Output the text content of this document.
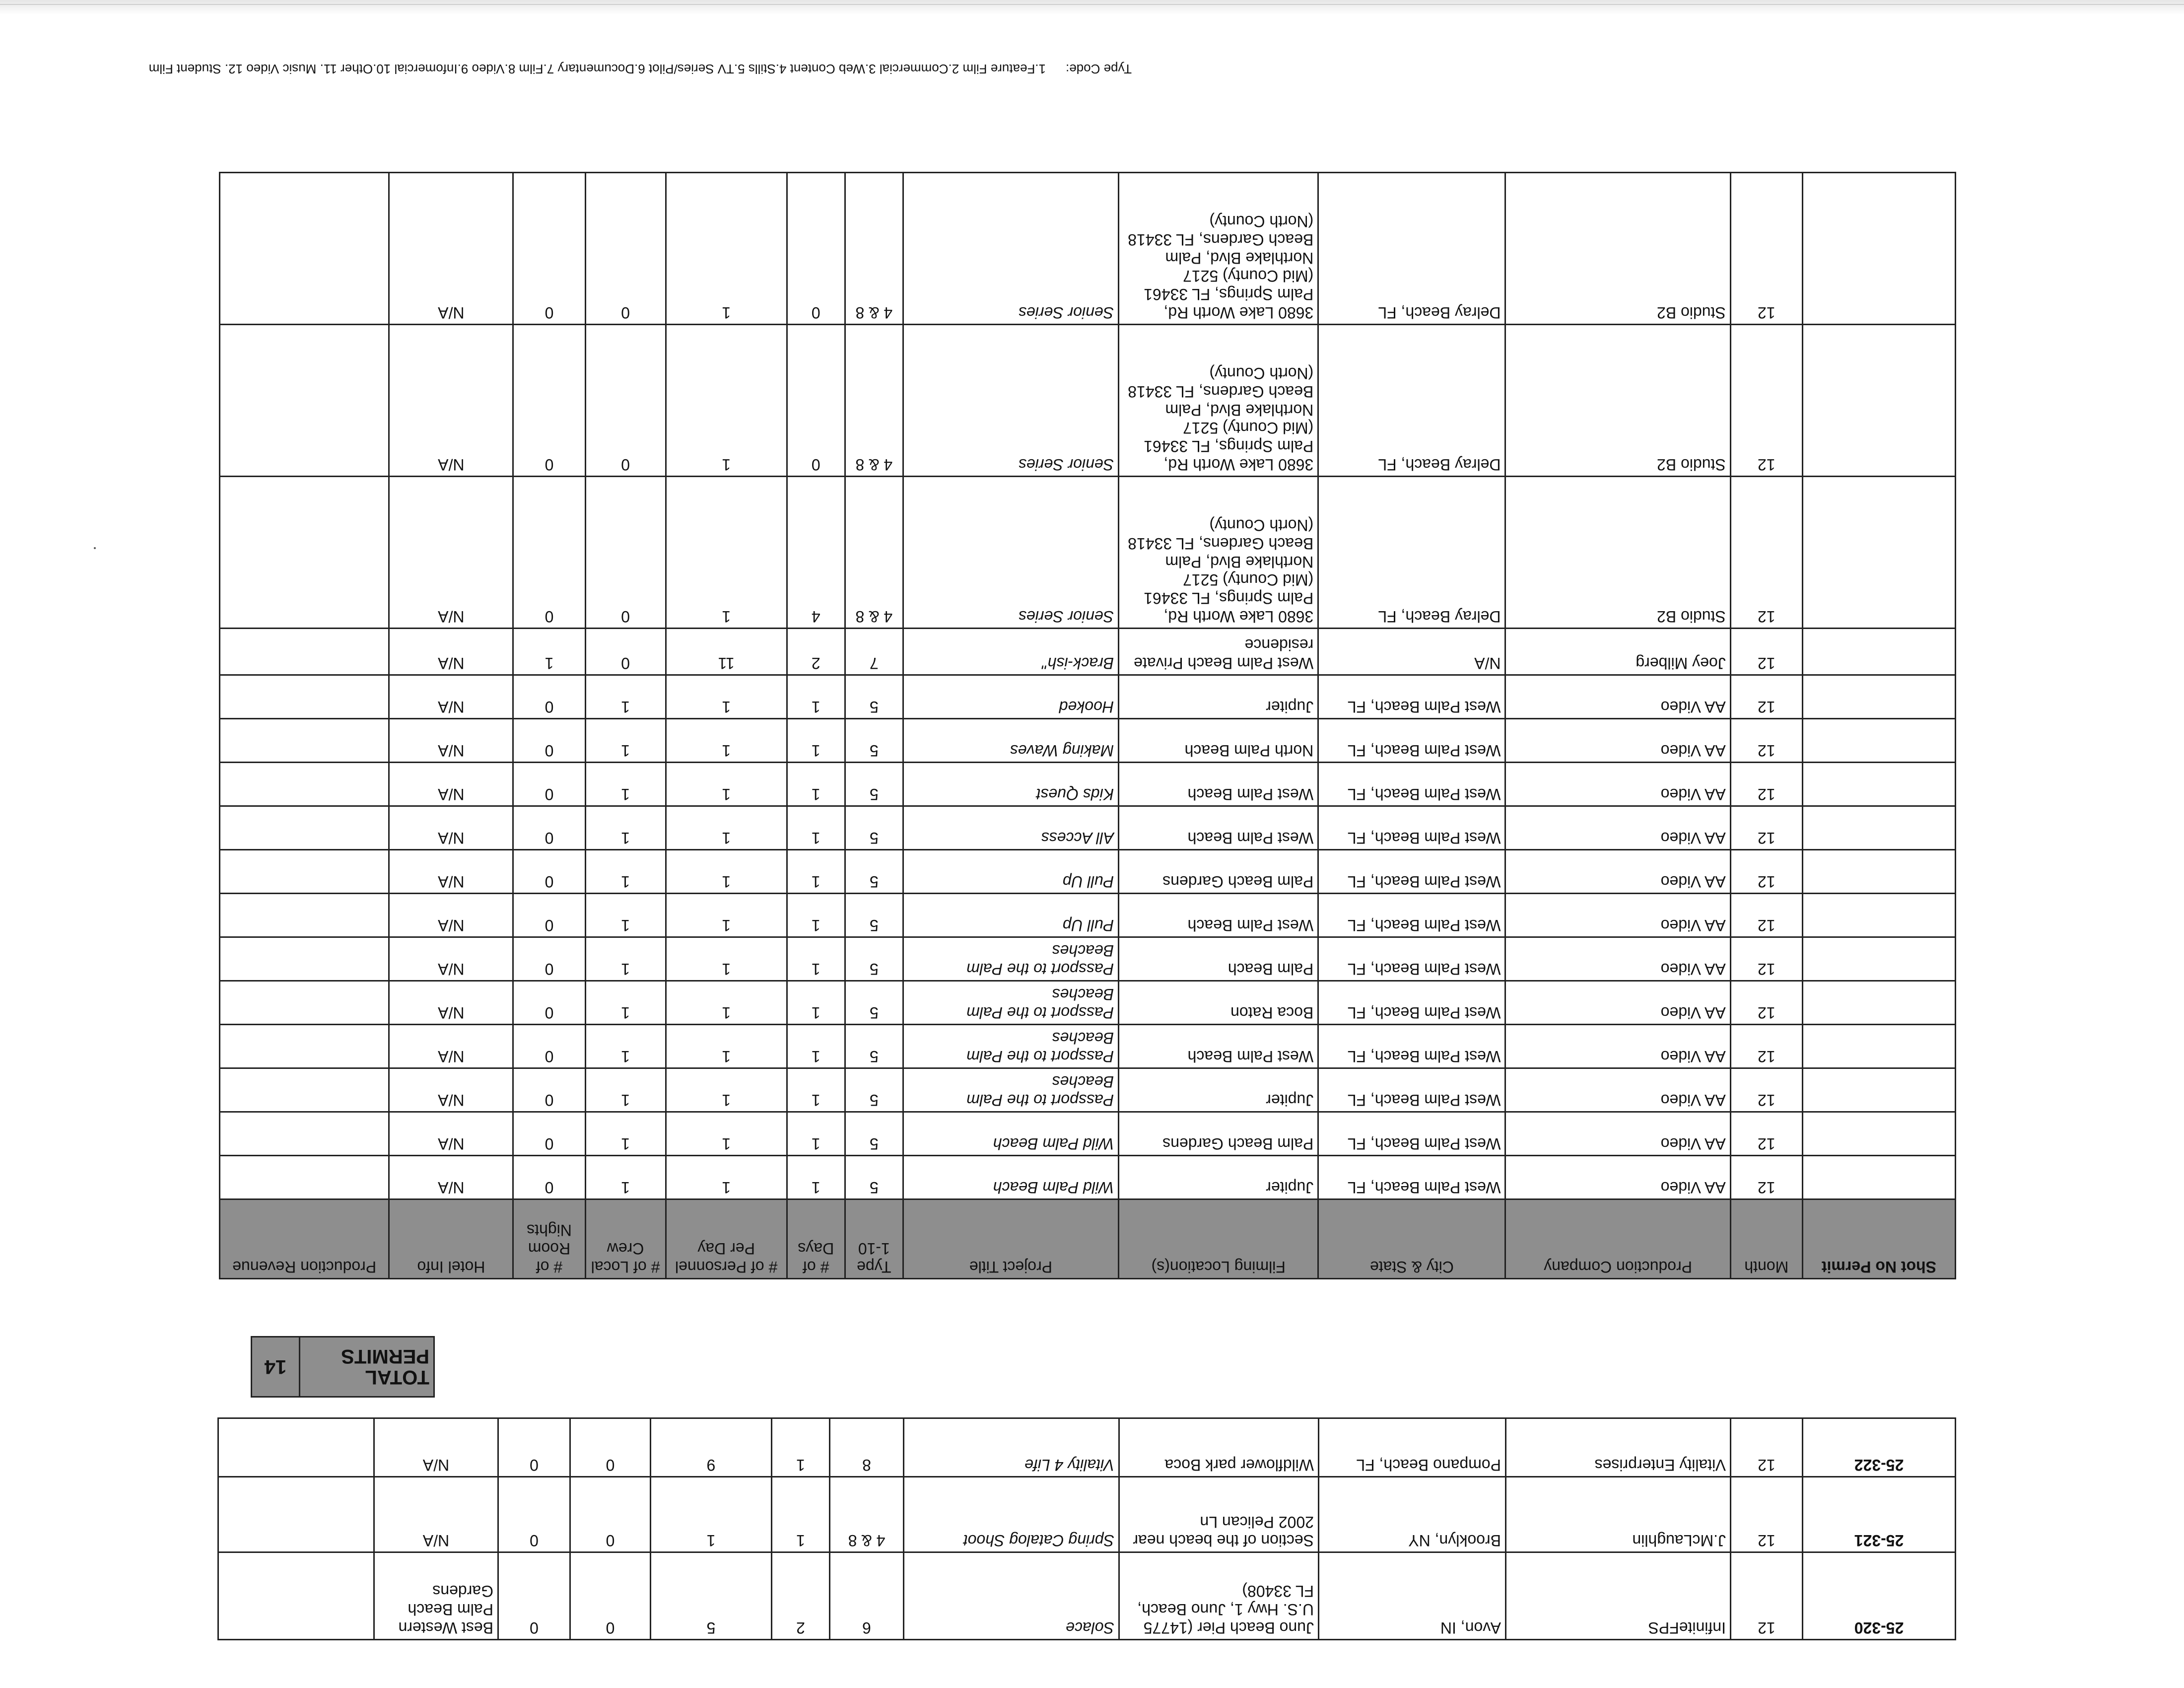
25-320	12	InfiniteFPS	Avon, IN	Juno Beach Pier (14775 U.S. Hwy 1, Juno Beach, FL 33408)	Solace	6	2	5	0	0	Best Western Palm Beach Gardens	
25-321	12	J.McLaughlin	Brooklyn, NY	Section of the beach near 2002 Pelican Ln	Spring Catalog Shoot	4 & 8	1	1	0	0	N/A	
25-322	12	Vitality Enterprises	Pompano Beach, FL	Wildflower park Boca	Vitality 4 Life	8	1	9	0	0	N/A	
TOTAL PERMITS	14
Shot No Permit	Month	Production Company	City & State	Filming Location(s)	Project Title	Type 1-10	# of Days	# of Personnel Per Day	# of Local Crew	# of Room Nights	Hotel Info	Production Revenue
	12	AA Video	West Palm Beach, FL	Jupiter	Wild Palm Beach	5	1	1	1	0	N/A	
	12	AA Video	West Palm Beach, FL	Palm Beach Gardens	Wild Palm Beach	5	1	1	1	0	N/A	
	12	AA Video	West Palm Beach, FL	Jupiter	Passport to the Palm Beaches	5	1	1	1	0	N/A	
	12	AA Video	West Palm Beach, FL	West Palm Beach	Passport to the Palm Beaches	5	1	1	1	0	N/A	
	12	AA Video	West Palm Beach, FL	Boca Raton	Passport to the Palm Beaches	5	1	1	1	0	N/A	
	12	AA Video	West Palm Beach, FL	Palm Beach	Passport to the Palm Beaches	5	1	1	1	0	N/A	
	12	AA Video	West Palm Beach, FL	West Palm Beach	Pull Up	5	1	1	1	0	N/A	
	12	AA Video	West Palm Beach, FL	Palm Beach Gardens	Pull Up	5	1	1	1	0	N/A	
	12	AA Video	West Palm Beach, FL	West Palm Beach	All Access	5	1	1	1	0	N/A	
	12	AA Video	West Palm Beach, FL	West Palm Beach	Kids Quest	5	1	1	1	0	N/A	
	12	AA Video	West Palm Beach, FL	North Palm Beach	Making Waves	5	1	1	1	0	N/A	
	12	AA Video	West Palm Beach, FL	Jupiter	Hooked	5	1	1	1	0	N/A	
	12	Joey Milberg	N/A	West Palm Beach Private residence	Brack-ish"	7	2	11	0	1	N/A	
	12	Studio B2	Delray Beach, FL	3680 Lake Worth Rd, Palm Springs, FL 33461 (Mid County) 5217 Northlake Blvd, Palm Beach Gardens, FL 33418 (North County)	Senior Series	4 & 8	4	1	0	0	N/A	
	12	Studio B2	Delray Beach, FL	3680 Lake Worth Rd, Palm Springs, FL 33461 (Mid County) 5217 Northlake Blvd, Palm Beach Gardens, FL 33418 (North County)	Senior Series	4 & 8	0	1	0	0	N/A	
	12	Studio B2	Delray Beach, FL	3680 Lake Worth Rd, Palm Springs, FL 33461 (Mid County) 5217 Northlake Blvd, Palm Beach Gardens, FL 33418 (North County)	Senior Series	4 & 8	0	1	0	0	N/A	
Type Code:1.Feature Film 2.Commercial 3.Web Content 4.Stills 5.TV Series/Pilot 6.Documentary 7.Film 8.Video 9.Infomercial 10.Other 11. Music Video 12. Student Film
